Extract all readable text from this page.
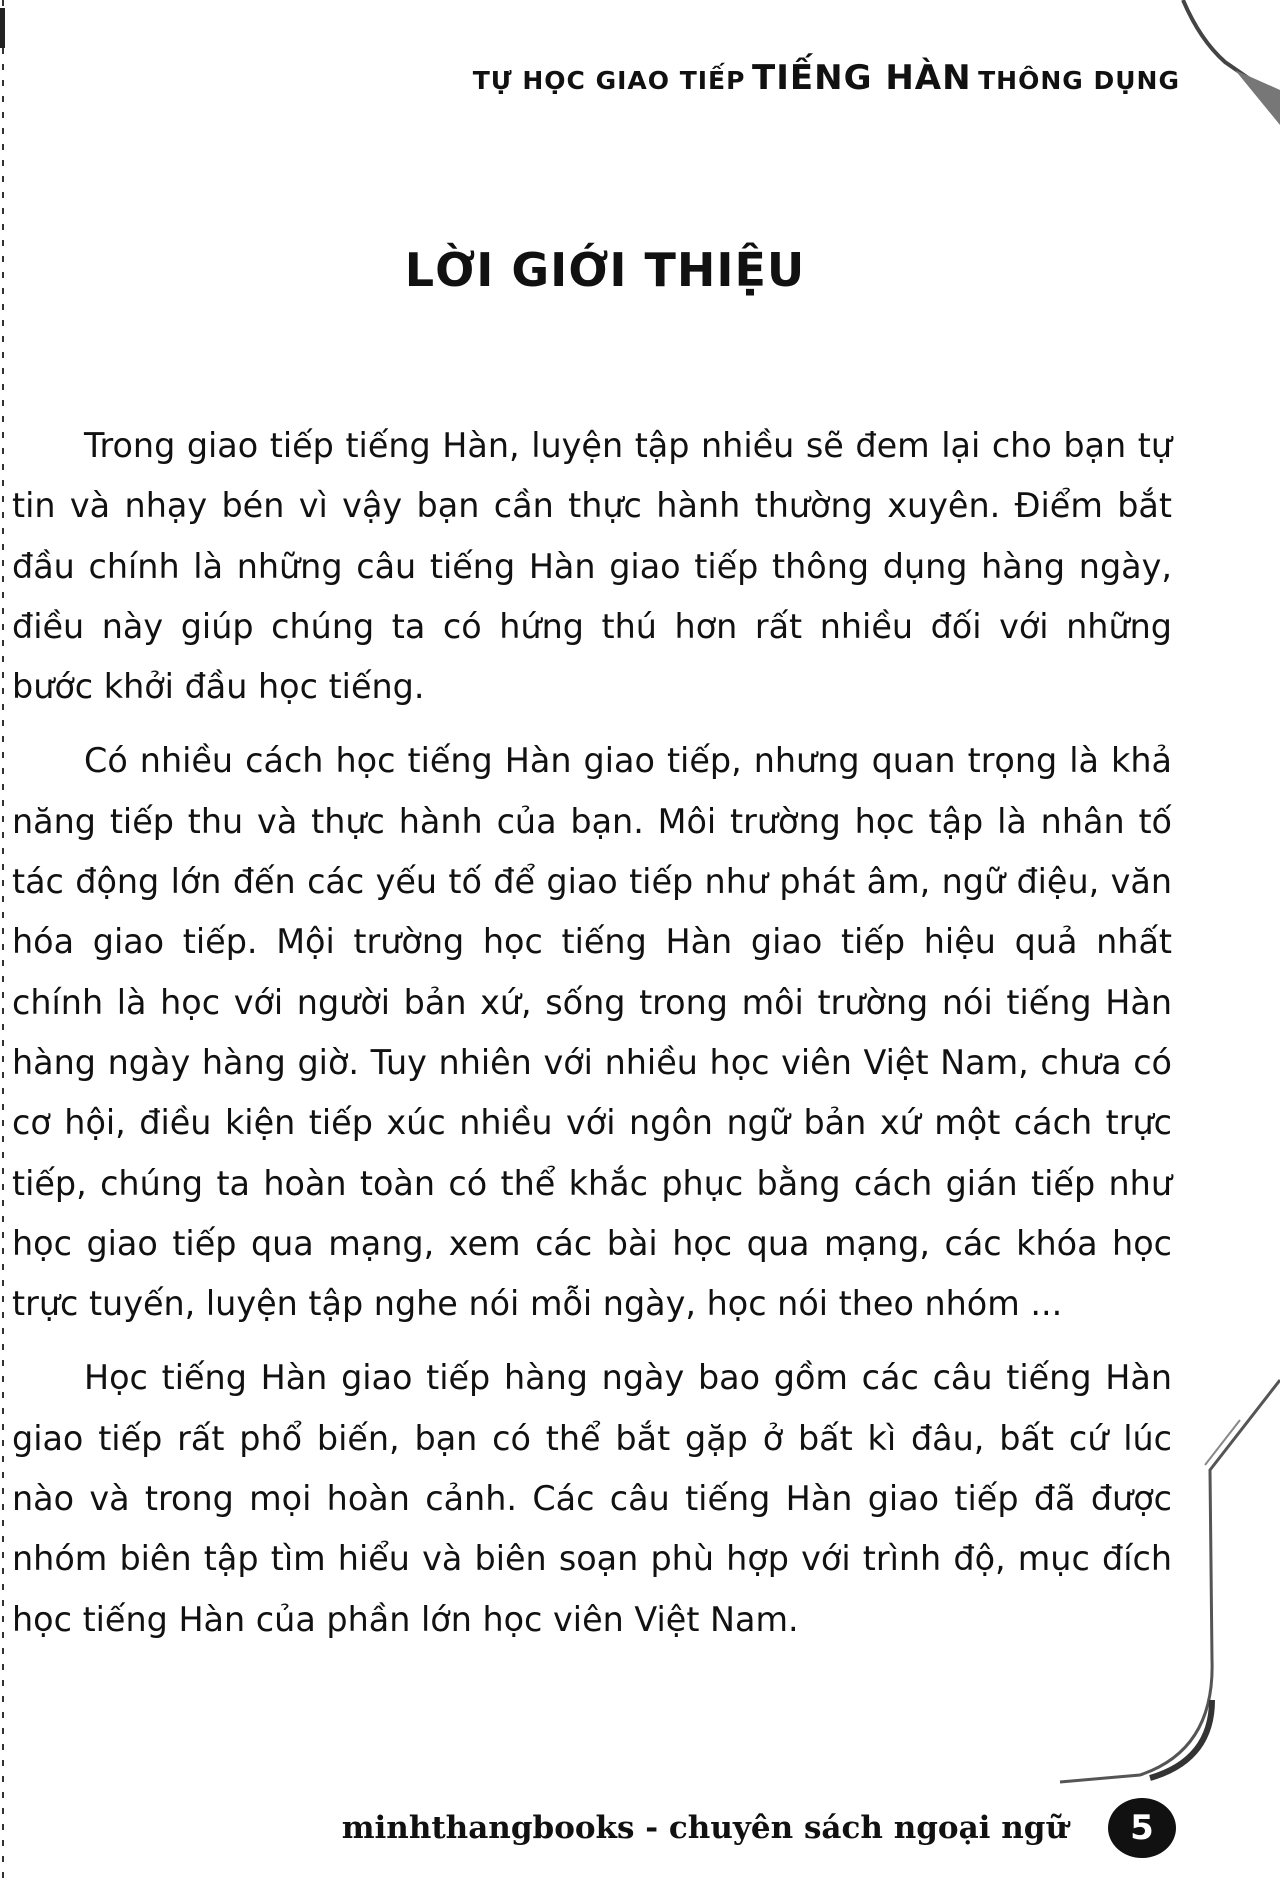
TỰ HỌC GIAO TIẾP TIẾNG HÀN THÔNG DỤNG
LỜI GIỚI THIỆU

Trong giao tiếp tiếng Hàn, luyện tập nhiều sẽ đem lại cho bạn tự tin và nhạy bén vì vậy bạn cần thực hành thường xuyên. Điểm bắt đầu chính là những câu tiếng Hàn giao tiếp thông dụng hàng ngày, điều này giúp chúng ta có hứng thú hơn rất nhiều đối với những bước khởi đầu học tiếng.

Có nhiều cách học tiếng Hàn giao tiếp, nhưng quan trọng là khả năng tiếp thu và thực hành của bạn. Môi trường học tập là nhân tố tác động lớn đến các yếu tố để giao tiếp như phát âm, ngữ điệu, văn hóa giao tiếp. Mội trường học tiếng Hàn giao tiếp hiệu quả nhất chính là học với người bản xứ, sống trong môi trường nói tiếng Hàn hàng ngày hàng giờ. Tuy nhiên với nhiều học viên Việt Nam, chưa có cơ hội, điều kiện tiếp xúc nhiều với ngôn ngữ bản xứ một cách trực tiếp, chúng ta hoàn toàn có thể khắc phục bằng cách gián tiếp như học giao tiếp qua mạng, xem các bài học qua mạng, các khóa học trực tuyến, luyện tập nghe nói mỗi ngày, học nói theo nhóm ...

Học tiếng Hàn giao tiếp hàng ngày bao gồm các câu tiếng Hàn giao tiếp rất phổ biến, bạn có thể bắt gặp ở bất kì đâu, bất cứ lúc nào và trong mọi hoàn cảnh. Các câu tiếng Hàn giao tiếp đã được nhóm biên tập tìm hiểu và biên soạn phù hợp với trình độ, mục đích học tiếng Hàn của phần lớn học viên Việt Nam.

minhthangbooks - chuyên sách ngoại ngữ	5
